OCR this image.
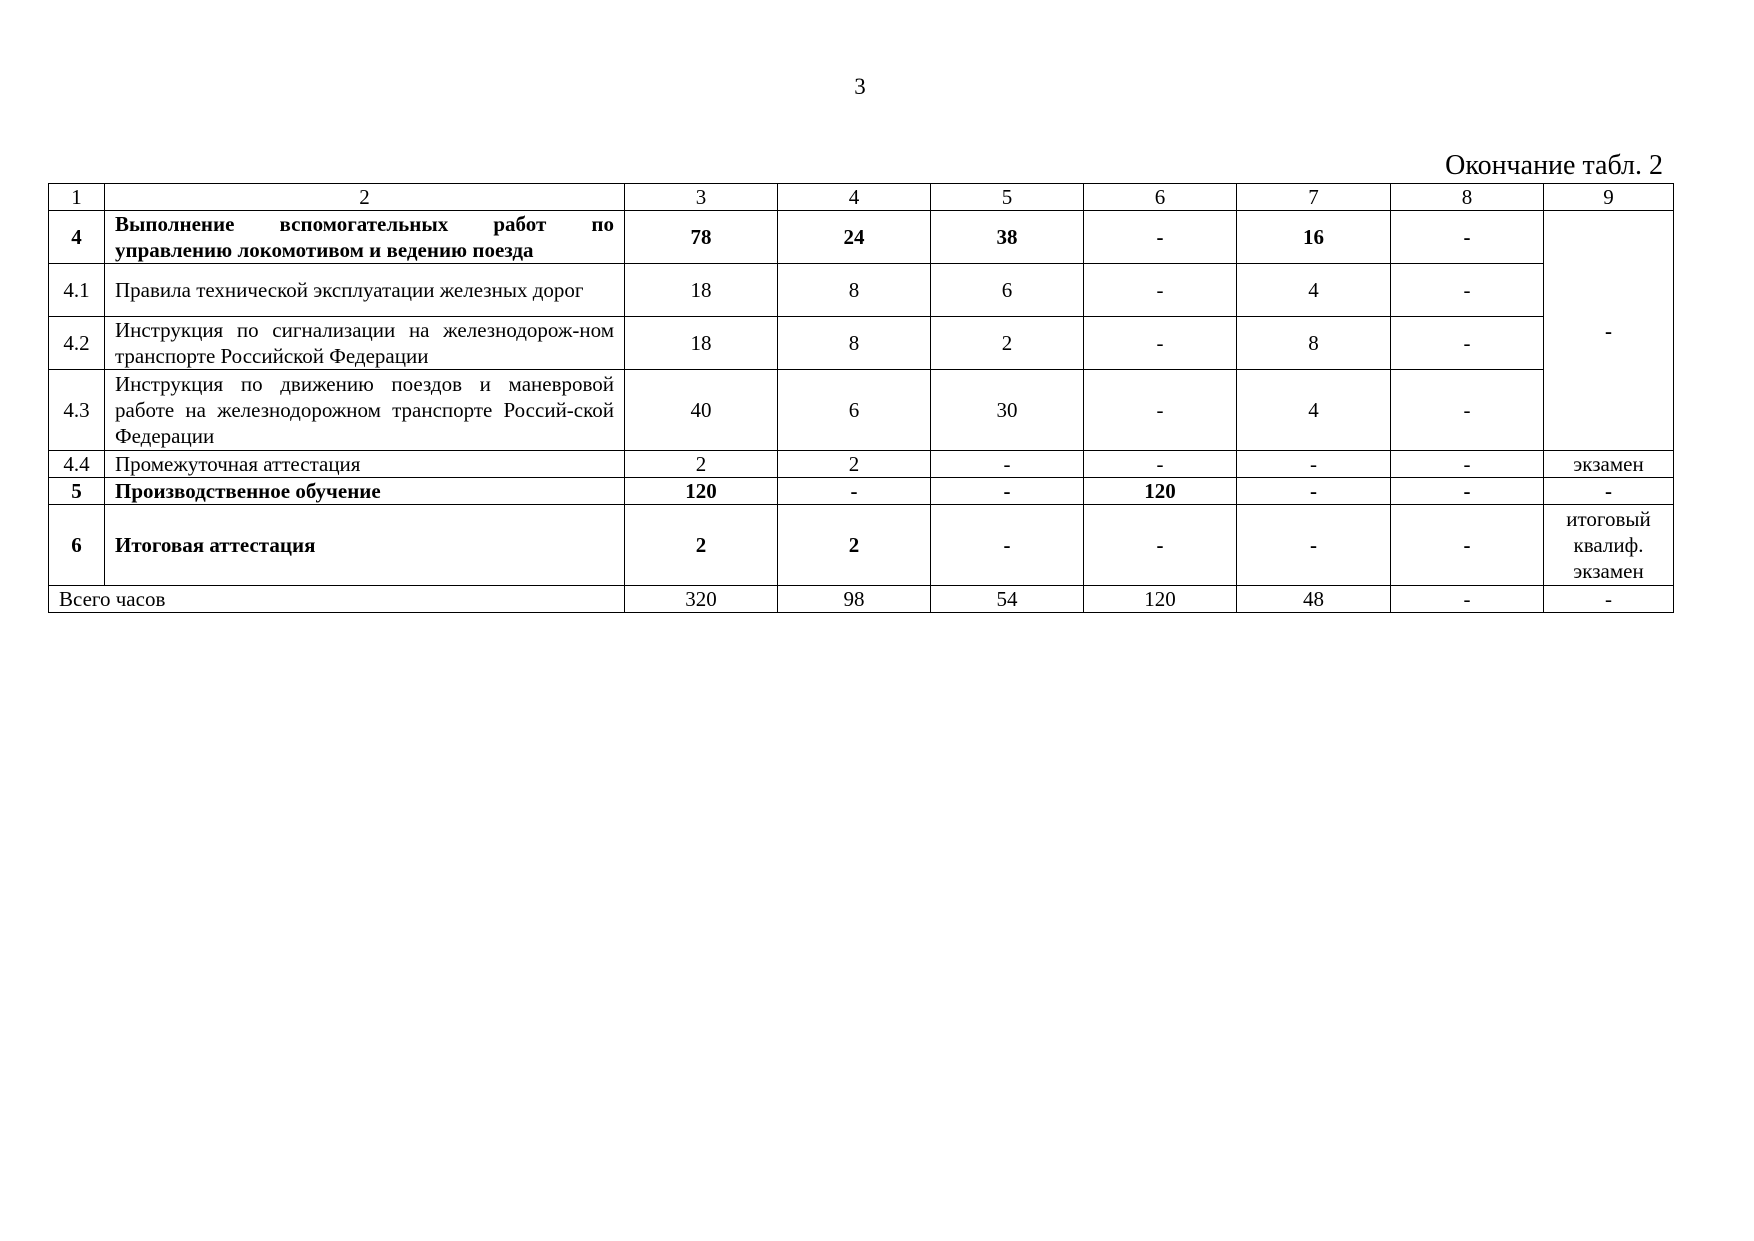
3
Окончание табл. 2
1	2	3	4	5	6	7	8	9
4	Выполнение вспомогательных работ по управлению локомотивом и ведению поезда	78	24	38	-	16	-	-
4.1	Правила технической эксплуатации железных дорог	18	8	6	-	4	-	
4.2	Инструкция по сигнализации на железнодорож-ном транспорте Российской Федерации	18	8	2	-	8	-	
4.3	Инструкция по движению поездов и маневровой работе на железнодорожном транспорте Россий-ской Федерации	40	6	30	-	4	-	
4.4	Промежуточная аттестация	2	2	-	-	-	-	экзамен
5	Производственное обучение	120	-	-	120	-	-	-
6	Итоговая аттестация	2	2	-	-	-	-	итоговый квалиф. экзамен
Всего часов		320	98	54	120	48	-	-
